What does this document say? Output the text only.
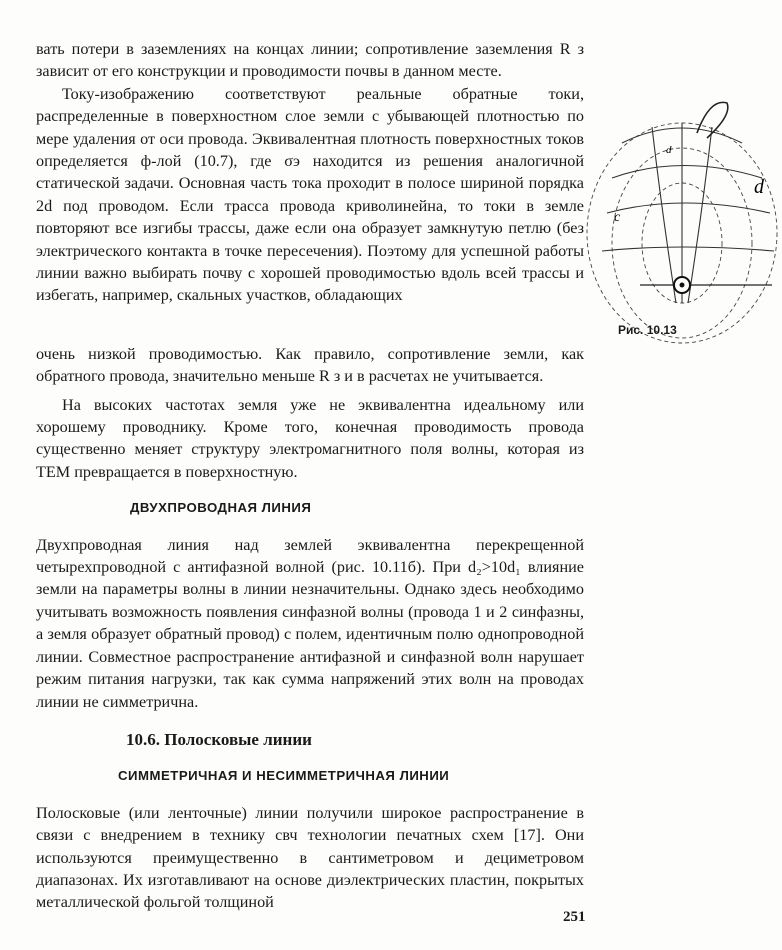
вать потери в заземлениях на концах линии; сопротивление заземления R з зависит от его конструкции и проводимости почвы в данном месте.

Току-изображению соответствуют реальные обратные токи, распределенные в поверхностном слое земли с убывающей плотностью по мере удаления от оси провода. Эквивалентная плотность поверхностных токов определяется ф-лой (10.7), где σэ находится из решения аналогичной статической задачи. Основная часть тока проходит в полосе шириной порядка 2d под проводом. Если трасса провода криволинейна, то токи в земле повторяют все изгибы трассы, даже если она образует замкнутую петлю (без электрического контакта в точке пересечения). Поэтому для успешной работы линии важно выбирать почву с хорошей проводимостью вдоль всей трассы и избегать, например, скальных участков, обладающих

d
c
d
Рис. 10.13

очень низкой проводимостью. Как правило, сопротивление земли, как обратного провода, значительно меньше R з и в расчетах не учитывается.

На высоких частотах земля уже не эквивалентна идеальному или хорошему проводнику. Кроме того, конечная проводимость провода существенно меняет структуру электромагнитного поля волны, которая из TEM превращается в поверхностную.

ДВУХПРОВОДНАЯ ЛИНИЯ

Двухпроводная линия над землей эквивалентна перекрещенной четырехпроводной с антифазной волной (рис. 10.11б). При d₂>10d₁ влияние земли на параметры волны в линии незначительны. Однако здесь необходимо учитывать возможность появления синфазной волны (провода 1 и 2 синфазны, а земля образует обратный провод) с полем, идентичным полю однопроводной линии. Совместное распространение антифазной и синфазной волн нарушает режим питания нагрузки, так как сумма напряжений этих волн на проводах линии не симметрична.

10.6. Полосковые линии
СИММЕТРИЧНАЯ И НЕСИММЕТРИЧНАЯ ЛИНИИ

Полосковые (или ленточные) линии получили широкое распространение в связи с внедрением в технику свч технологии печатных схем [17]. Они используются преимущественно в сантиметровом и дециметровом диапазонах. Их изготавливают на основе диэлектрических пластин, покрытых металлической фольгой толщиной

251
